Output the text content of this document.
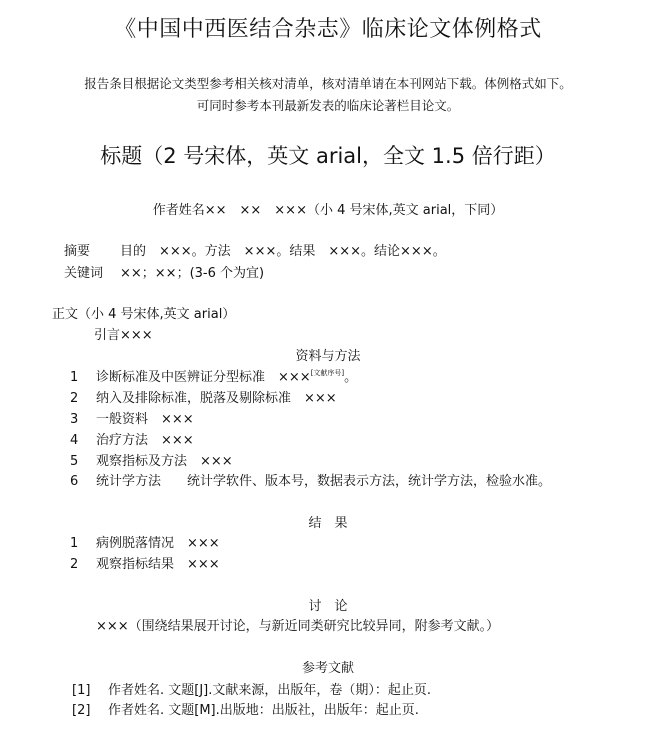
《中国中西医结合杂志》临床论文体例格式
报告条目根据论文类型参考相关核对清单，核对清单请在本刊网站下载。体例格式如下。
可同时参考本刊最新发表的临床论著栏目论文。
标题（2 号宋体，英文 arial，全文 1.5 倍行距）
作者姓名××　××　×××（小 4 号宋体,英文 arial，下同）
摘要 目的　×××。方法　×××。结果　×××。结论×××。
关键词 ××；××；(3-6 个为宜)
正文（小 4 号宋体,英文 arial）
引言×××
资料与方法
1 诊断标准及中医辨证分型标准　×××[文献序号]。
2 纳入及排除标准，脱落及剔除标准　×××
3 一般资料　×××
4 治疗方法　×××
5 观察指标及方法　×××
6 统计学方法　　统计学软件、版本号，数据表示方法，统计学方法，检验水准。
结　果
1 病例脱落情况　×××
2 观察指标结果　×××
讨　论
×××（围绕结果展开讨论，与新近同类研究比较异同，附参考文献。）
参考文献
[1] 作者姓名. 文题[J].文献来源，出版年，卷（期）：起止页.
[2] 作者姓名. 文题[M].出版地：出版社，出版年：起止页.
